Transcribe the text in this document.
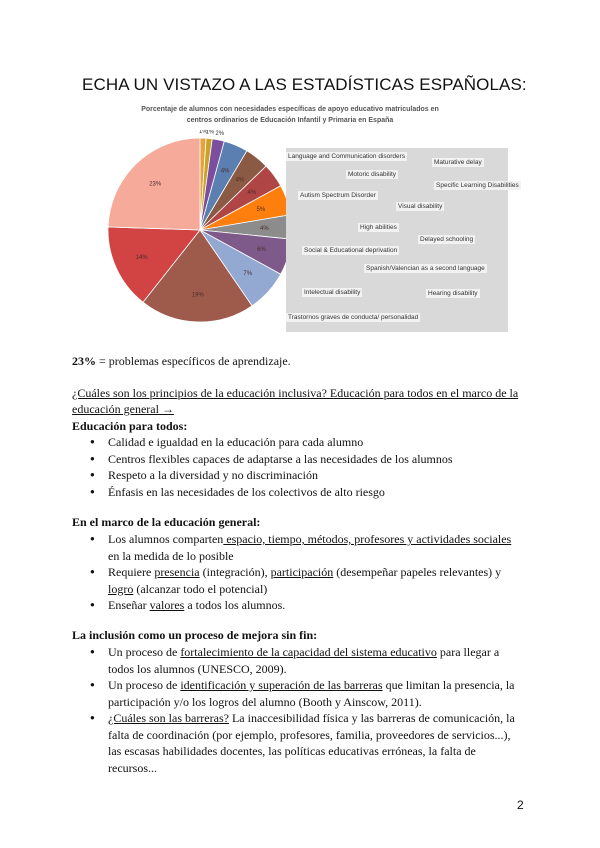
ECHA UN VISTAZO A LAS ESTADÍSTICAS ESPAÑOLAS:
Porcentaje de alumnos con necesidades específicas de apoyo educativo matriculados en
centros ordinarios de Educación Infantil y Primaria en España
1%
1% 2%
4%
4%
4%
5%
4%
6%
7%
19%
14%
23%
Language and Communication disorders
Maturative delay
Motoric disability
Specific Learning Disabilities
Autism Spectrum Disorder
Visual disability
High abilities
Delayed schooling
Social & Educational deprivation
Spanish/Valencian as a second language
Hearing disability
Intelectual disability
Trastornos graves de conducta/ personalidad
23% = problemas específicos de aprendizaje.
¿Cuáles son los principios de la educación inclusiva? Educación para todos en el marco de la
educación general →
Educación para todos:
● Calidad e igualdad en la educación para cada alumno
● Centros flexibles capaces de adaptarse a las necesidades de los alumnos
● Respeto a la diversidad y no discriminación
● Énfasis en las necesidades de los colectivos de alto riesgo
En el marco de la educación general:
● Los alumnos comparten espacio, tiempo, métodos, profesores y actividades sociales
en la medida de lo posible
● Requiere presencia (integración), participación (desempeñar papeles relevantes) y
logro (alcanzar todo el potencial)
● Enseñar valores a todos los alumnos.
La inclusión como un proceso de mejora sin fin:
● Un proceso de fortalecimiento de la capacidad del sistema educativo para llegar a
todos los alumnos (UNESCO, 2009).
● Un proceso de identificación y superación de las barreras que limitan la presencia, la
participación y/o los logros del alumno (Booth y Ainscow, 2011).
● ¿Cuáles son las barreras? La inaccesibilidad física y las barreras de comunicación, la
falta de coordinación (por ejemplo, profesores, familia, proveedores de servicios...),
las escasas habilidades docentes, las políticas educativas erróneas, la falta de
recursos...
2
